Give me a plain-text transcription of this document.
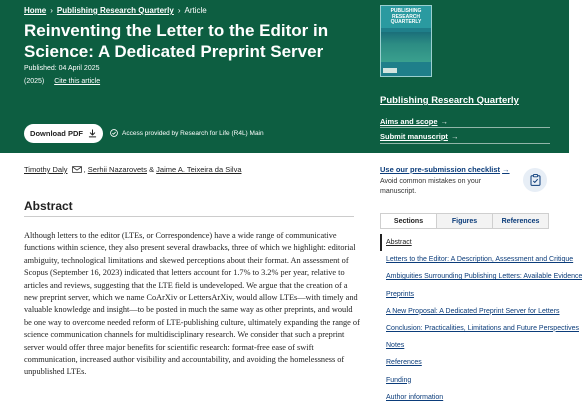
Home › Publishing Research Quarterly › Article
Reinventing the Letter to the Editor in Science: A Dedicated Preprint Server
Published: 04 April 2025
(2025) Cite this article
Download PDF	Access provided by Research for Life (R4L) Main
PUBLISHING RESEARCH QUARTERLY
Publishing Research Quarterly
Aims and scope →
Submit manuscript →
Timothy Daly , Serhii Nazarovets & Jaime A. Teixeira da Silva
Abstract

Although letters to the editor (LTEs, or Correspondence) have a wide range of communicative functions within science, they also present several drawbacks, three of which we highlight: editorial ambiguity, technological limitations and skewed perceptions about their format. An assessment of Scopus (September 16, 2023) indicated that letters account for 1.7% to 3.2% per year, relative to articles and reviews, suggesting that the LTE field is undeveloped. We argue that the creation of a new preprint server, which we name CoArXiv or LettersArXiv, would allow LTEs—with timely and valuable knowledge and insight—to be posted in much the same way as other preprints, and would be one way to overcome needed reform of LTE-publishing culture, ultimately expanding the range of science communication channels for multidisciplinary research. We consider that such a preprint server would offer three major benefits for scientific research: format-free ease of swift communication, increased author visibility and accountability, and avoiding the homelessness of unpublished LTEs.

Use our pre-submission checklist →
Avoid common mistakes on your manuscript.
Sections	Figures	References
Abstract
Letters to the Editor: A Description, Assessment and Critique
Ambiguities Surrounding Publishing Letters: Available Evidence
Preprints
A New Proposal: A Dedicated Preprint Server for Letters
Conclusion: Practicalities, Limitations and Future Perspectives
Notes
References
Funding
Author information
